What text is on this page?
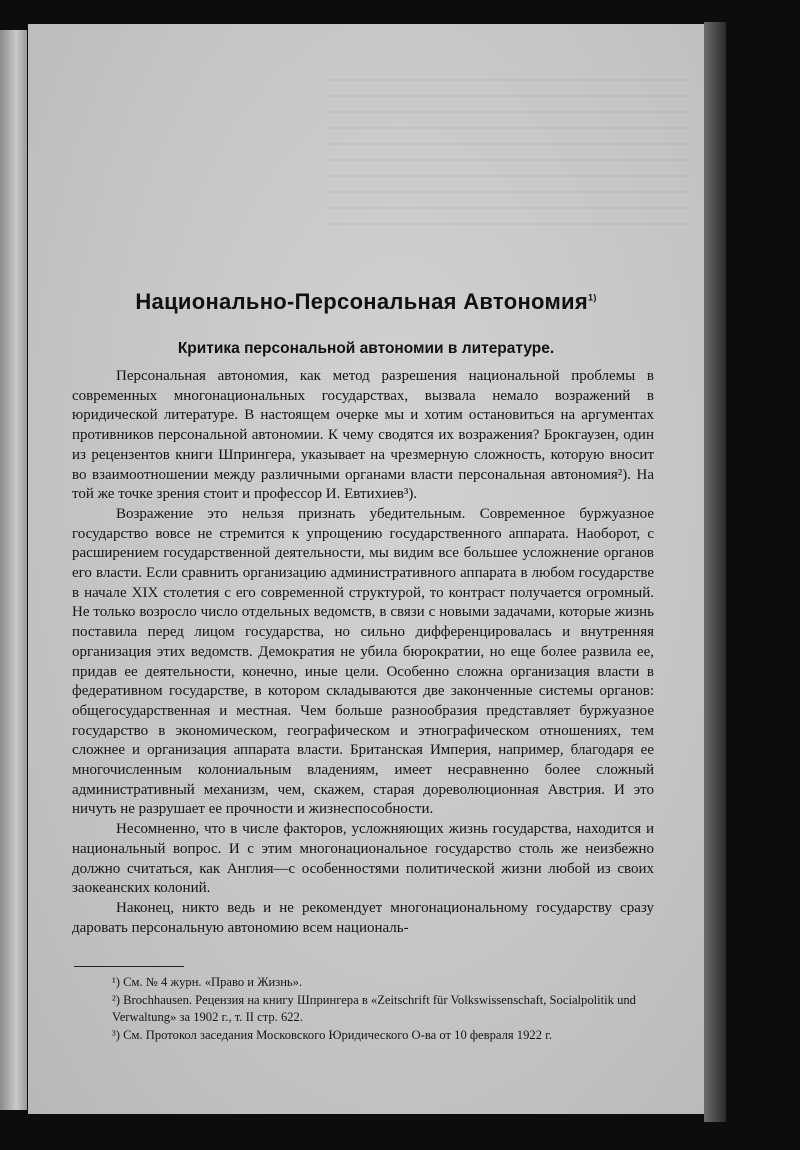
Национально-Персональная Автономия$^{1)}$
Критика персональной автономии в литературе.

Персональная автономия, как метод разрешения национальной проблемы в современных многонациональных государствах, вызвала немало возражений в юридической литературе. В настоящем очерке мы и хотим остановиться на аргументах противников персональной автономии. К чему сводятся их возражения? Брокгаузен, один из рецензентов книги Шпрингера, указывает на чрезмерную сложность, которую вносит во взаимоотношении между различными органами власти персональная автономия²). На той же точке зрения стоит и профессор И. Евтихиев³).

Возражение это нельзя признать убедительным. Современное буржуазное государство вовсе не стремится к упрощению государственного аппарата. Наоборот, с расширением государственной деятельности, мы видим все большее усложнение органов его власти. Если сравнить организацию административного аппарата в любом государстве в начале XIX столетия с его современной структурой, то контраст получается огромный. Не только возросло число отдельных ведомств, в связи с новыми задачами, которые жизнь поставила перед лицом государства, но сильно дифференцировалась и внутренняя организация этих ведомств. Демократия не убила бюрократии, но еще более развила ее, придав ее деятельности, конечно, иные цели. Особенно сложна организация власти в федеративном государстве, в котором складываются две законченные системы органов: общегосударственная и местная. Чем больше разнообразия представляет буржуазное государство в экономическом, географическом и этнографическом отношениях, тем сложнее и организация аппарата власти. Британская Империя, например, благодаря ее многочисленным колониальным владениям, имеет несравненно более сложный административный механизм, чем, скажем, старая дореволюционная Австрия. И это ничуть не разрушает ее прочности и жизнеспособности.

Несомненно, что в числе факторов, усложняющих жизнь государства, находится и национальный вопрос. И с этим многонациональное государство столь же неизбежно должно считаться, как Англия—с особенностями политической жизни любой из своих заокеанских колоний.

Наконец, никто ведь и не рекомендует многонациональному государству сразу даровать персональную автономию всем националь-

¹) См. № 4 журн. «Право и Жизнь».
²) Brochhausen. Рецензия на книгу Шпрингера в «Zeitschrift für Volkswissenschaft, Socialpolitik und Verwaltung» за 1902 г., т. II стр. 622.
³) См. Протокол заседания Московского Юридического О-ва от 10 февраля 1922 г.
